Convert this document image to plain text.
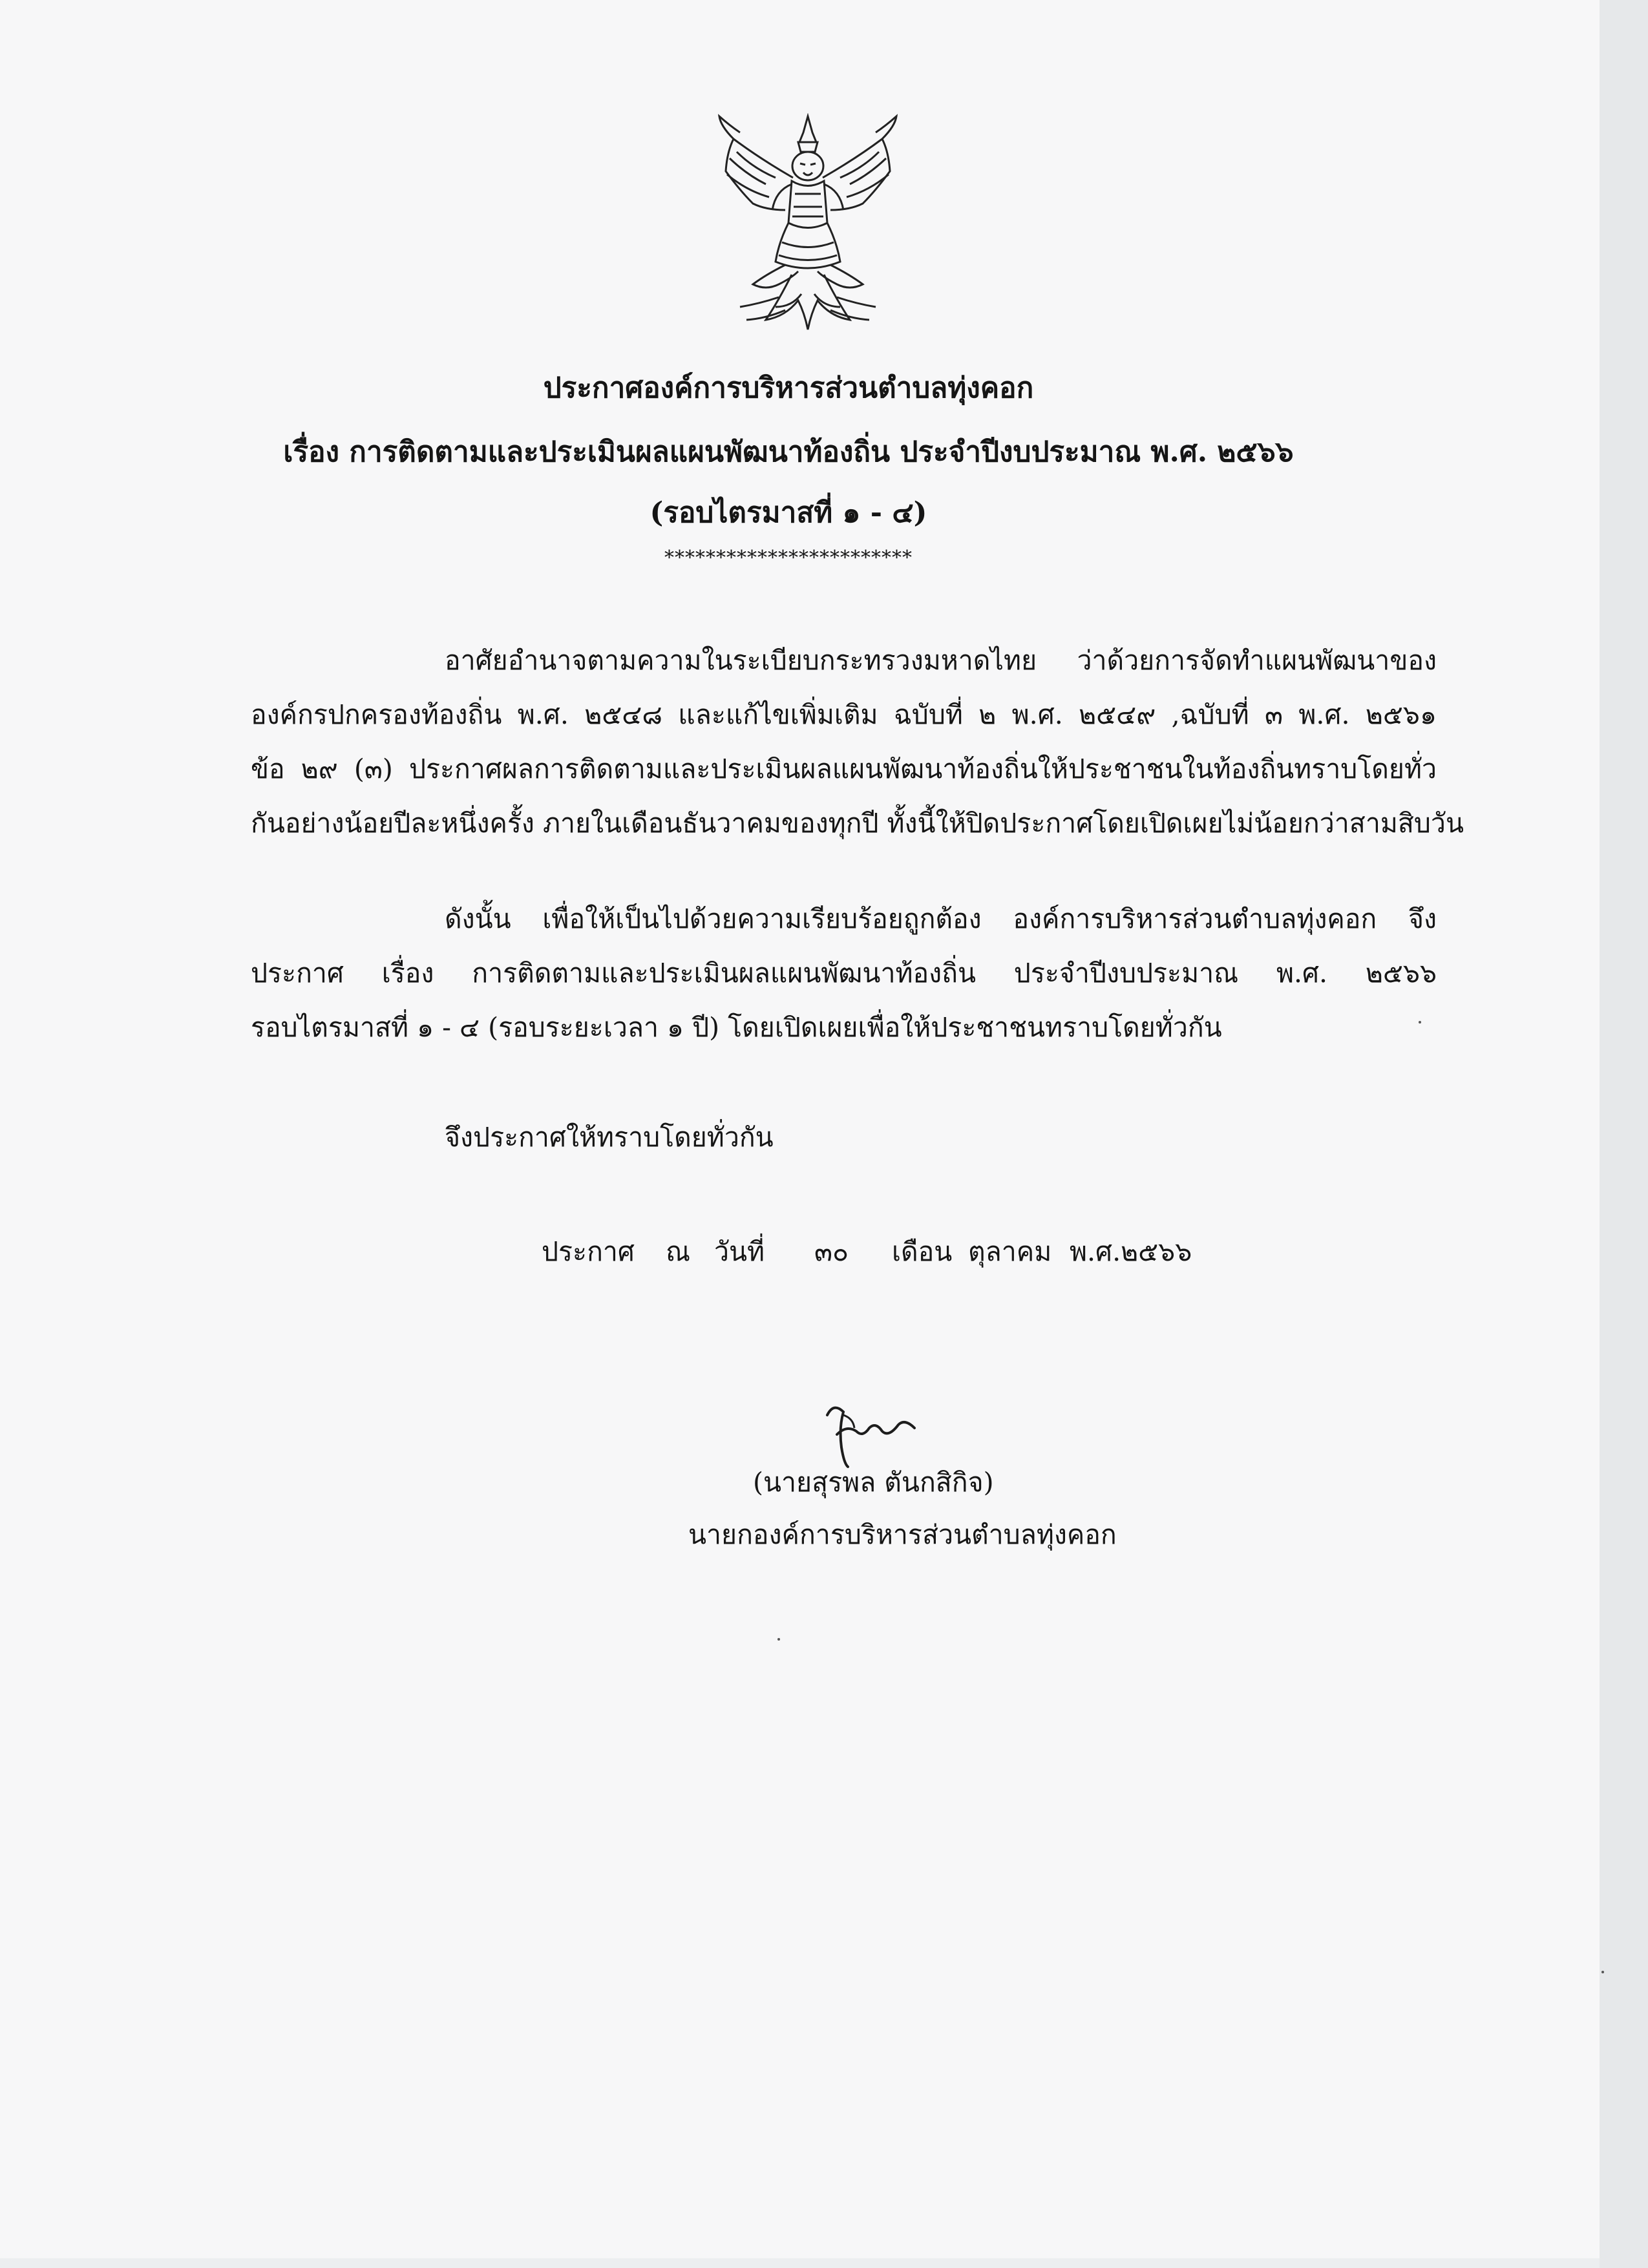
ประกาศองค์การบริหารส่วนตำบลทุ่งคอก
เรื่อง การติดตามและประเมินผลแผนพัฒนาท้องถิ่น ประจำปีงบประมาณ พ.ศ. ๒๕๖๖
(รอบไตรมาสที่ ๑ - ๔)
************************
อาศัยอำนาจตามความในระเบียบกระทรวงมหาดไทย ว่าด้วยการจัดทำแผนพัฒนาของ
องค์กรปกครองท้องถิ่น พ.ศ. ๒๕๔๘ และแก้ไขเพิ่มเติม ฉบับที่ ๒ พ.ศ. ๒๕๔๙ ,ฉบับที่ ๓ พ.ศ. ๒๕๖๑
ข้อ ๒๙ (๓) ประกาศผลการติดตามและประเมินผลแผนพัฒนาท้องถิ่นให้ประชาชนในท้องถิ่นทราบโดยทั่ว
กันอย่างน้อยปีละหนึ่งครั้ง ภายในเดือนธันวาคมของทุกปี ทั้งนี้ให้ปิดประกาศโดยเปิดเผยไม่น้อยกว่าสามสิบวัน
ดังนั้น เพื่อให้เป็นไปด้วยความเรียบร้อยถูกต้อง องค์การบริหารส่วนตำบลทุ่งคอก จึง
ประกาศ เรื่อง การติดตามและประเมินผลแผนพัฒนาท้องถิ่น ประจำปีงบประมาณ พ.ศ. ๒๕๖๖
รอบไตรมาสที่ ๑ - ๔ (รอบระยะเวลา ๑ ปี) โดยเปิดเผยเพื่อให้ประชาชนทราบโดยทั่วกัน
จึงประกาศให้ทราบโดยทั่วกัน
ประกาศ ณ วันที่ ๓๐ เดือน ตุลาคม พ.ศ.๒๕๖๖
(นายสุรพล ตันกสิกิจ)
นายกองค์การบริหารส่วนตำบลทุ่งคอก
